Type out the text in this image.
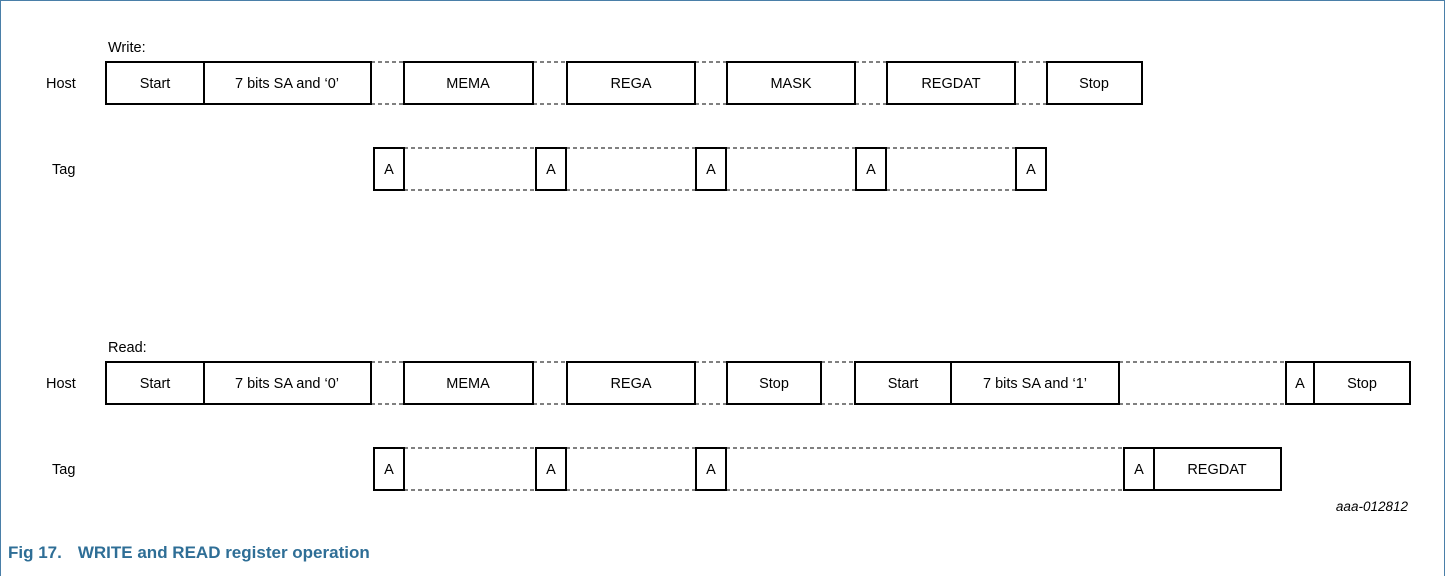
Write:
Host
Tag
Start	7 bits SA and ‘0’	MEMA	REGA	MASK	REGDAT	Stop
A	A	A	A	A
Read:
Host
Tag
Start	7 bits SA and ‘0’	MEMA	REGA	Stop	Start	7 bits SA and ‘1’	A	Stop
A	A	A	A	REGDAT
aaa-012812
Fig 17. WRITE and READ register operation
